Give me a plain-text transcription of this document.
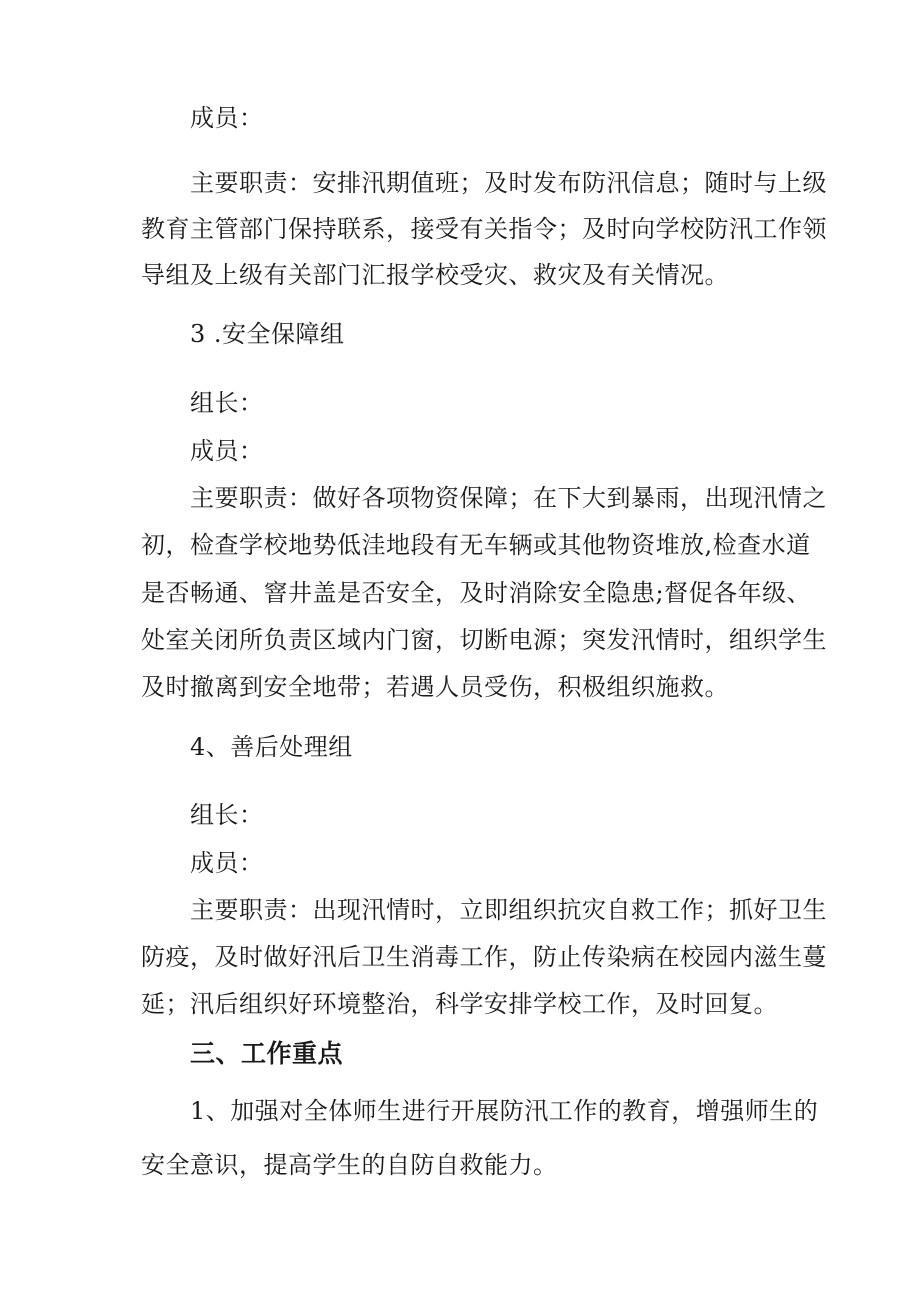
成员：
主要职责：安排汛期值班；及时发布防汛信息；随时与上级
教育主管部门保持联系，接受有关指令；及时向学校防汛工作领
导组及上级有关部门汇报学校受灾、救灾及有关情况。
3 .安全保障组
组长：
成员：
主要职责：做好各项物资保障；在下大到暴雨，出现汛情之
初，检查学校地势低洼地段有无车辆或其他物资堆放,检查水道
是否畅通、窨井盖是否安全，及时消除安全隐患;督促各年级、
处室关闭所负责区域内门窗，切断电源；突发汛情时，组织学生
及时撤离到安全地带；若遇人员受伤，积极组织施救。
4、善后处理组
组长：
成员：
主要职责：出现汛情时，立即组织抗灾自救工作；抓好卫生
防疫，及时做好汛后卫生消毒工作，防止传染病在校园内滋生蔓
延；汛后组织好环境整治，科学安排学校工作，及时回复。
三、工作重点
1、加强对全体师生进行开展防汛工作的教育，增强师生的
安全意识，提高学生的自防自救能力。
